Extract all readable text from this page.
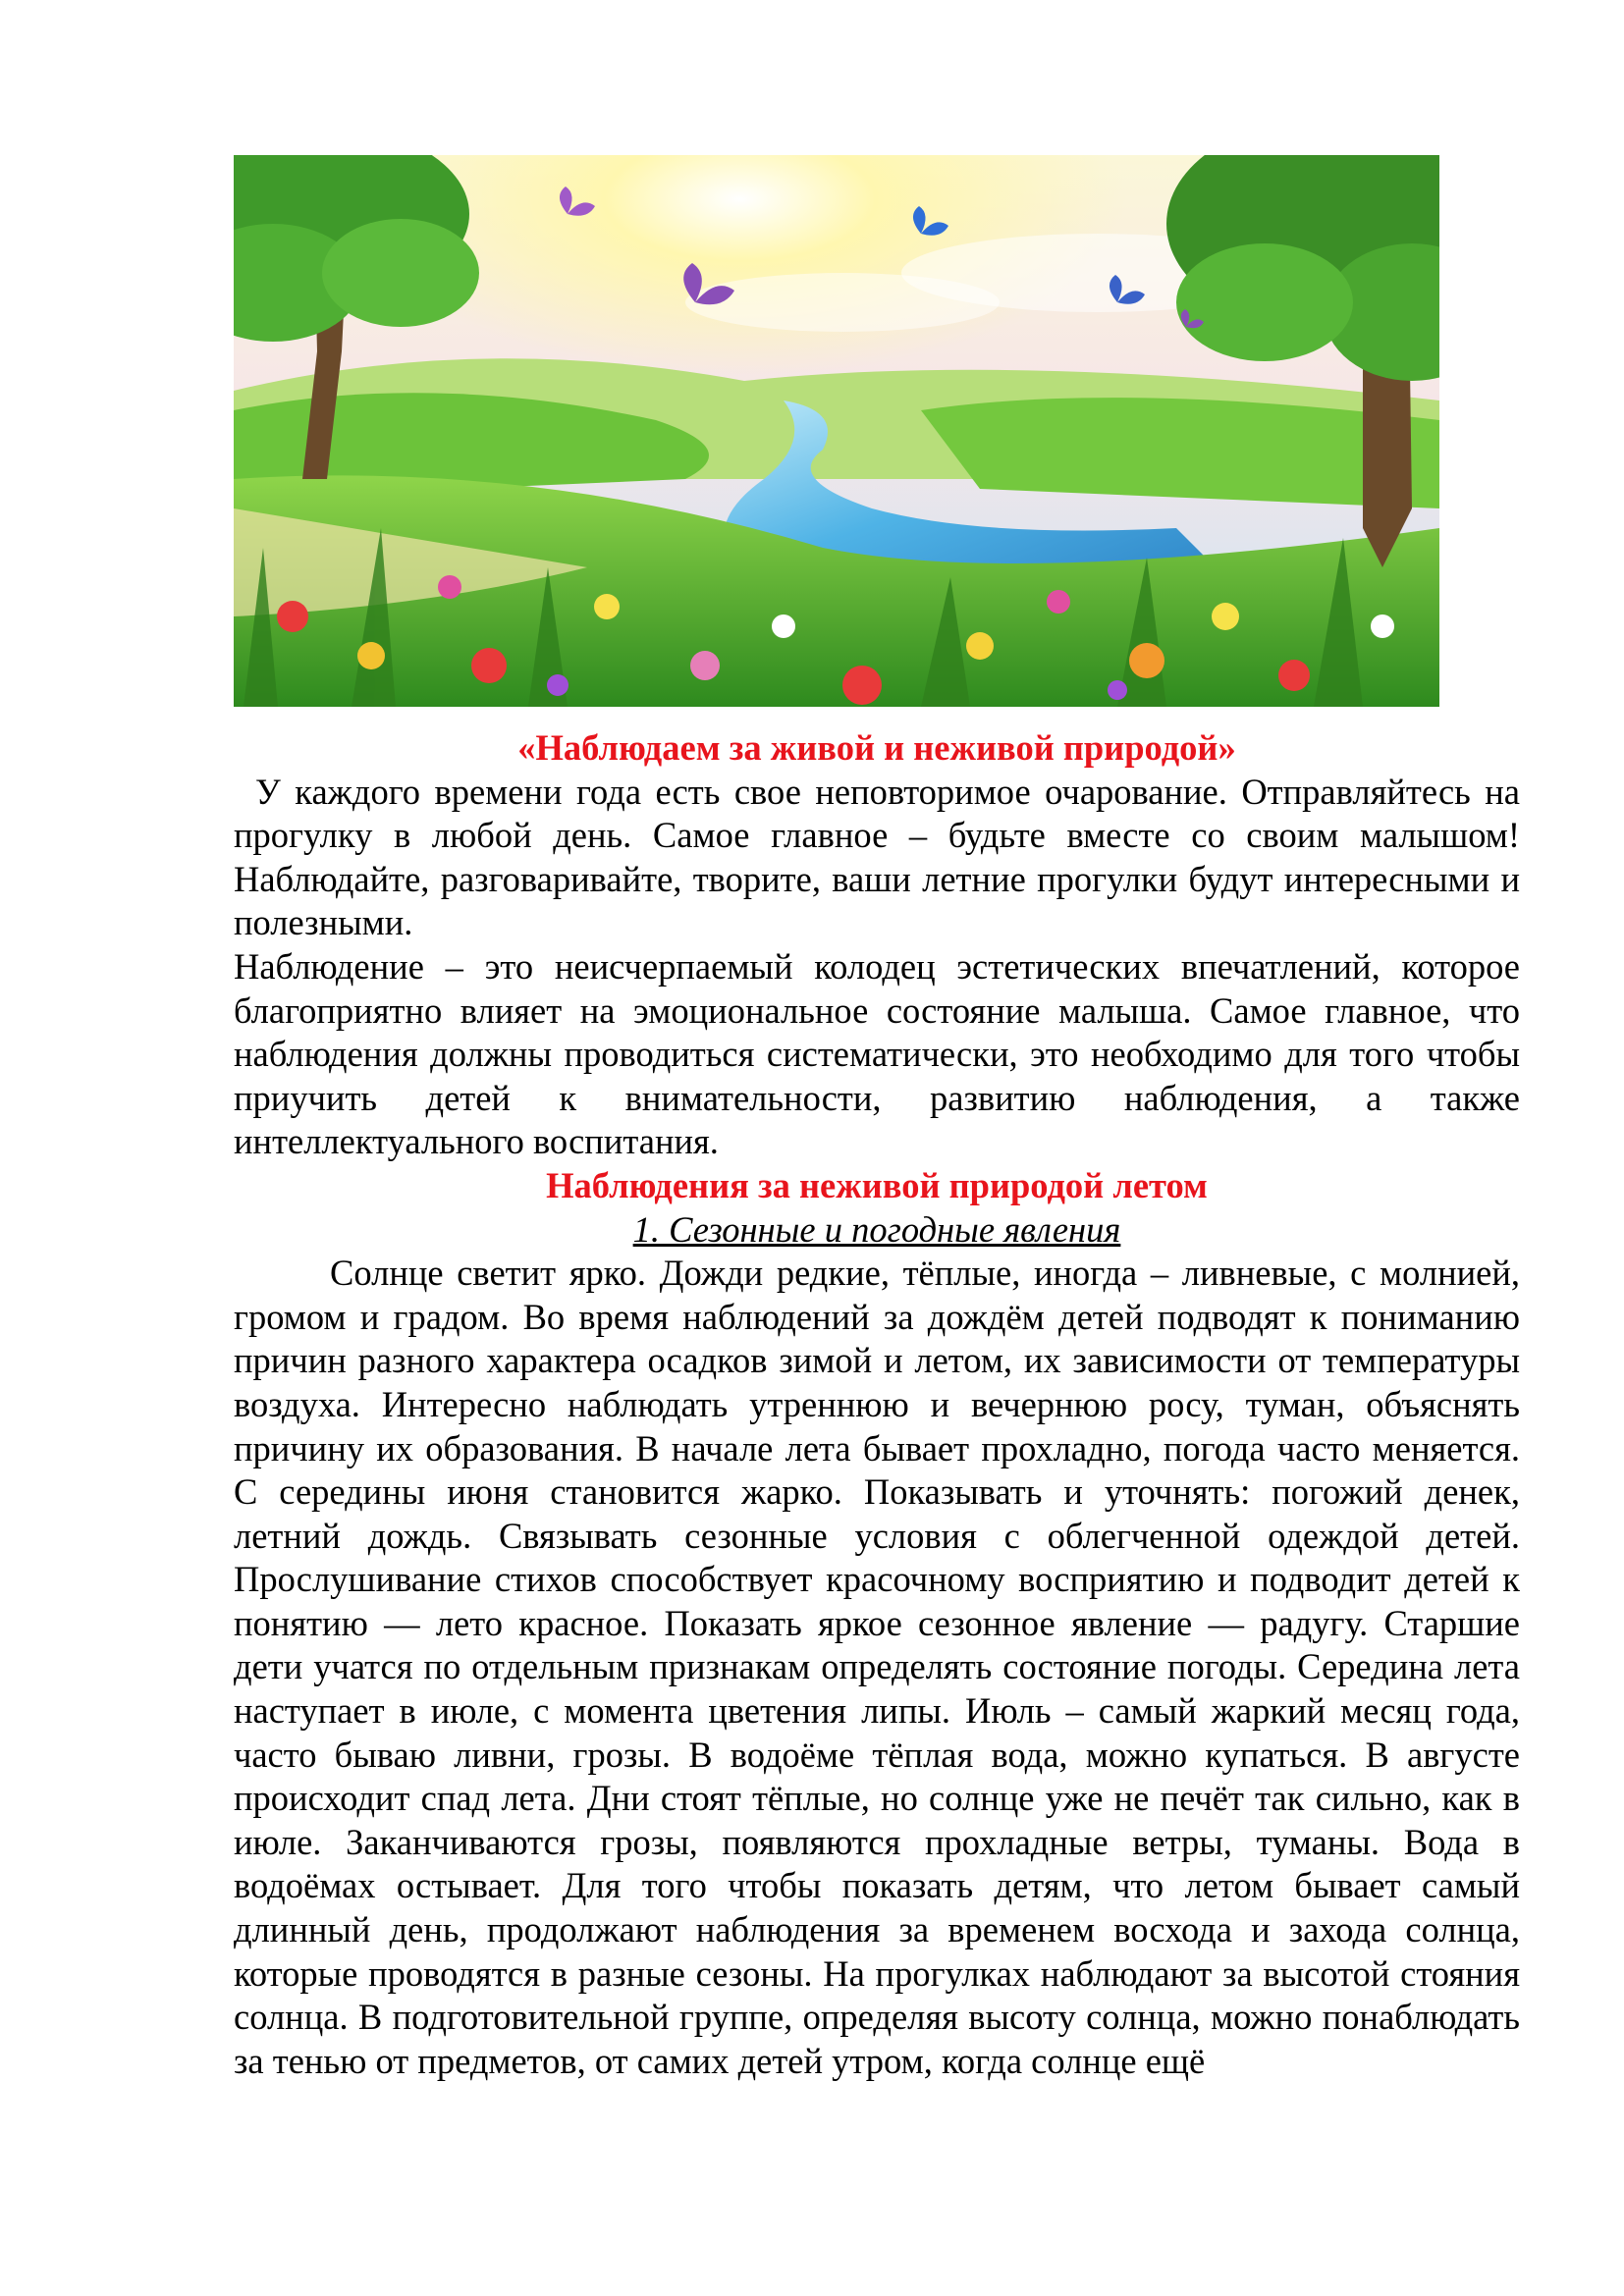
«Наблюдаем за живой и неживой природой»

У каждого времени года есть свое неповторимое очарование. Отправляйтесь на прогулку в любой день. Самое главное – будьте вместе со своим малышом! Наблюдайте, разговаривайте, творите, ваши летние прогулки будут интересными и полезными.

Наблюдение – это неисчерпаемый колодец эстетических впечатлений, которое благоприятно влияет на эмоциональное состояние малыша. Самое главное, что наблюдения должны проводиться систематически, это необходимо для того чтобы приучить детей к внимательности, развитию наблюдения, а также интеллектуального воспитания.

Наблюдения за неживой природой летом

1. Сезонные и погодные явления

Солнце светит ярко. Дожди редкие, тёплые, иногда – ливневые, с молнией, громом и градом. Во время наблюдений за дождём детей подводят к пониманию причин разного характера осадков зимой и летом, их зависимости от температуры воздуха. Интересно наблюдать утреннюю и вечернюю росу, туман, объяснять причину их образования. В начале лета бывает прохладно, погода часто меняется. С середины июня становится жарко. Показывать и уточнять: погожий денек, летний дождь. Связывать сезонные условия с облегченной одеждой детей. Прослушивание стихов способствует красочному восприятию и подводит детей к понятию — лето красное. Показать яркое сезонное явление — радугу. Старшие дети учатся по отдельным признакам определять состояние погоды. Середина лета наступает в июле, с момента цветения липы. Июль – самый жаркий месяц года, часто бываю ливни, грозы. В водоёме тёплая вода, можно купаться. В августе происходит спад лета. Дни стоят тёплые, но солнце уже не печёт так сильно, как в июле. Заканчиваются грозы, появляются прохладные ветры, туманы. Вода в водоёмах остывает. Для того чтобы показать детям, что летом бывает самый длинный день, продолжают наблюдения за временем восхода и захода солнца, которые проводятся в разные сезоны. На прогулках наблюдают за высотой стояния солнца. В подготовительной группе, определяя высоту солнца, можно понаблюдать за тенью от предметов, от самих детей утром, когда солнце ещё
